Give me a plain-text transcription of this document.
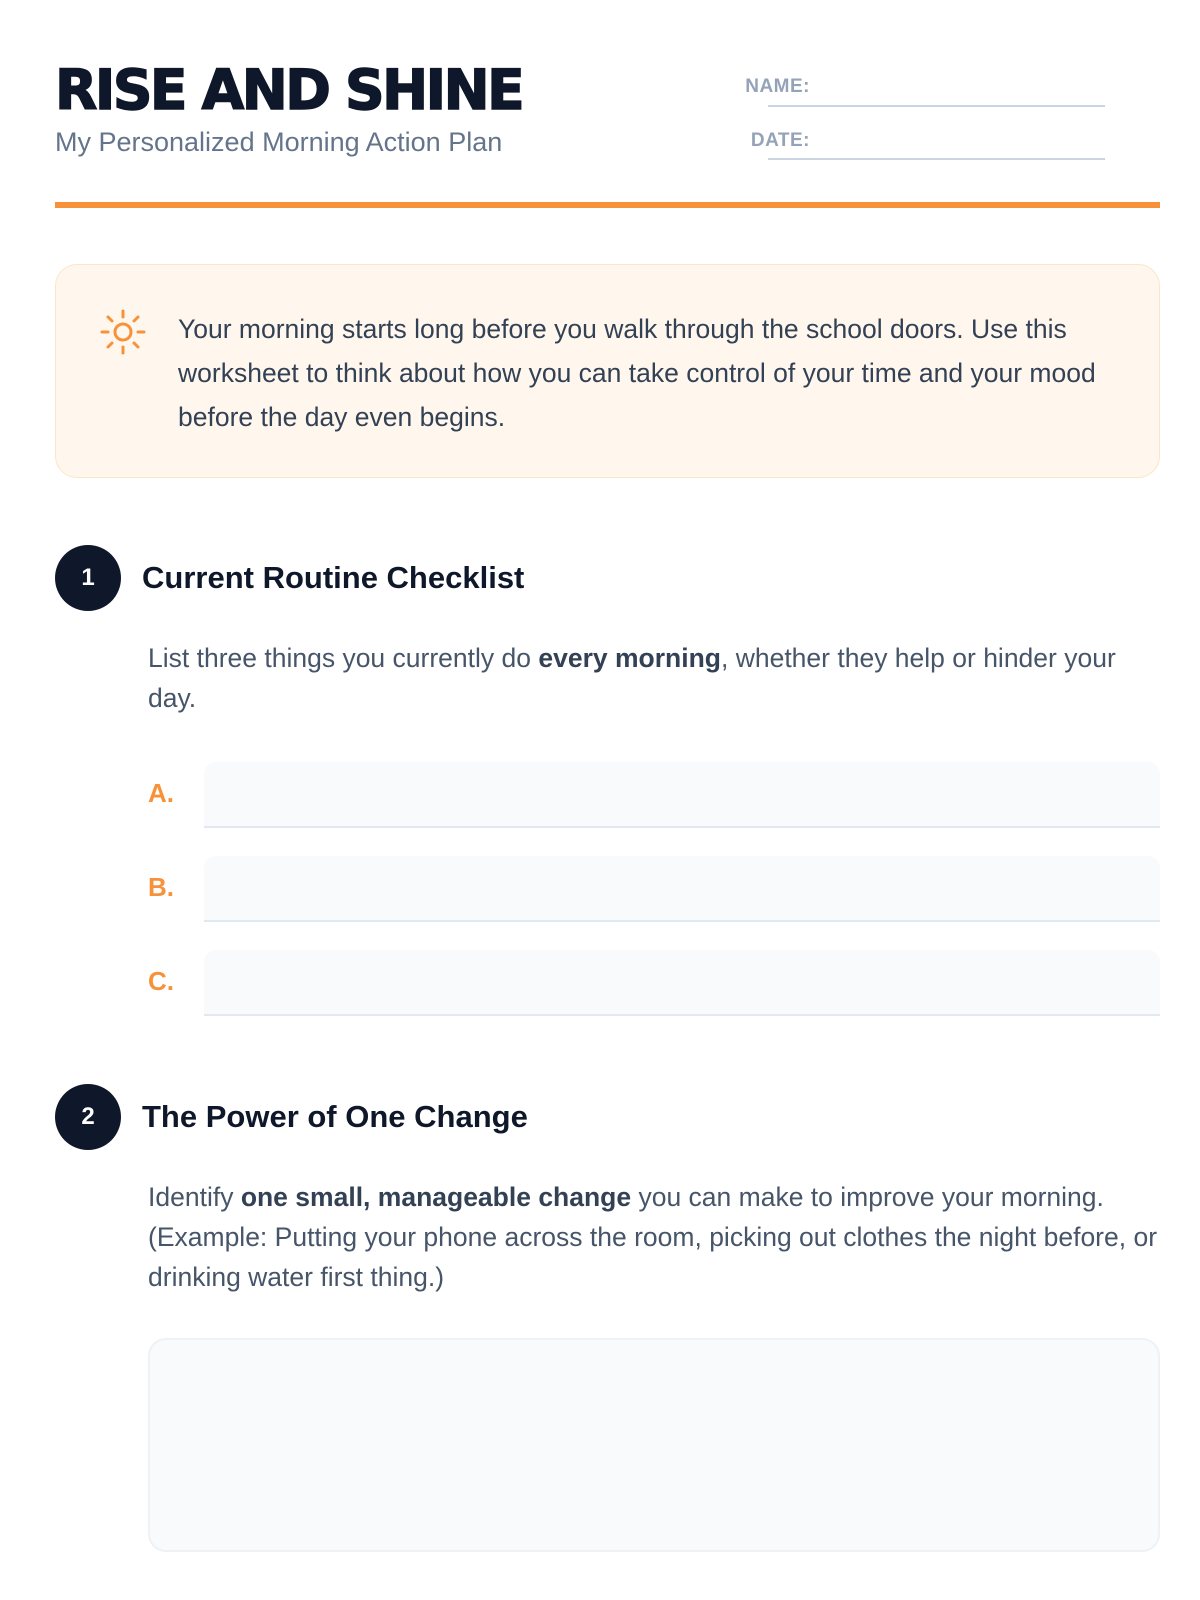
RISE AND SHINE
My Personalized Morning Action Plan
NAME:
DATE:
Your morning starts long before you walk through the school doors. Use this worksheet to think about how you can take control of your time and your mood before the day even begins.
1	Current Routine Checklist
List three things you currently do every morning, whether they help or hinder your day.
A.
B.
C.
2	The Power of One Change
Identify one small, manageable change you can make to improve your morning. (Example: Putting your phone across the room, picking out clothes the night before, or drinking water first thing.)
